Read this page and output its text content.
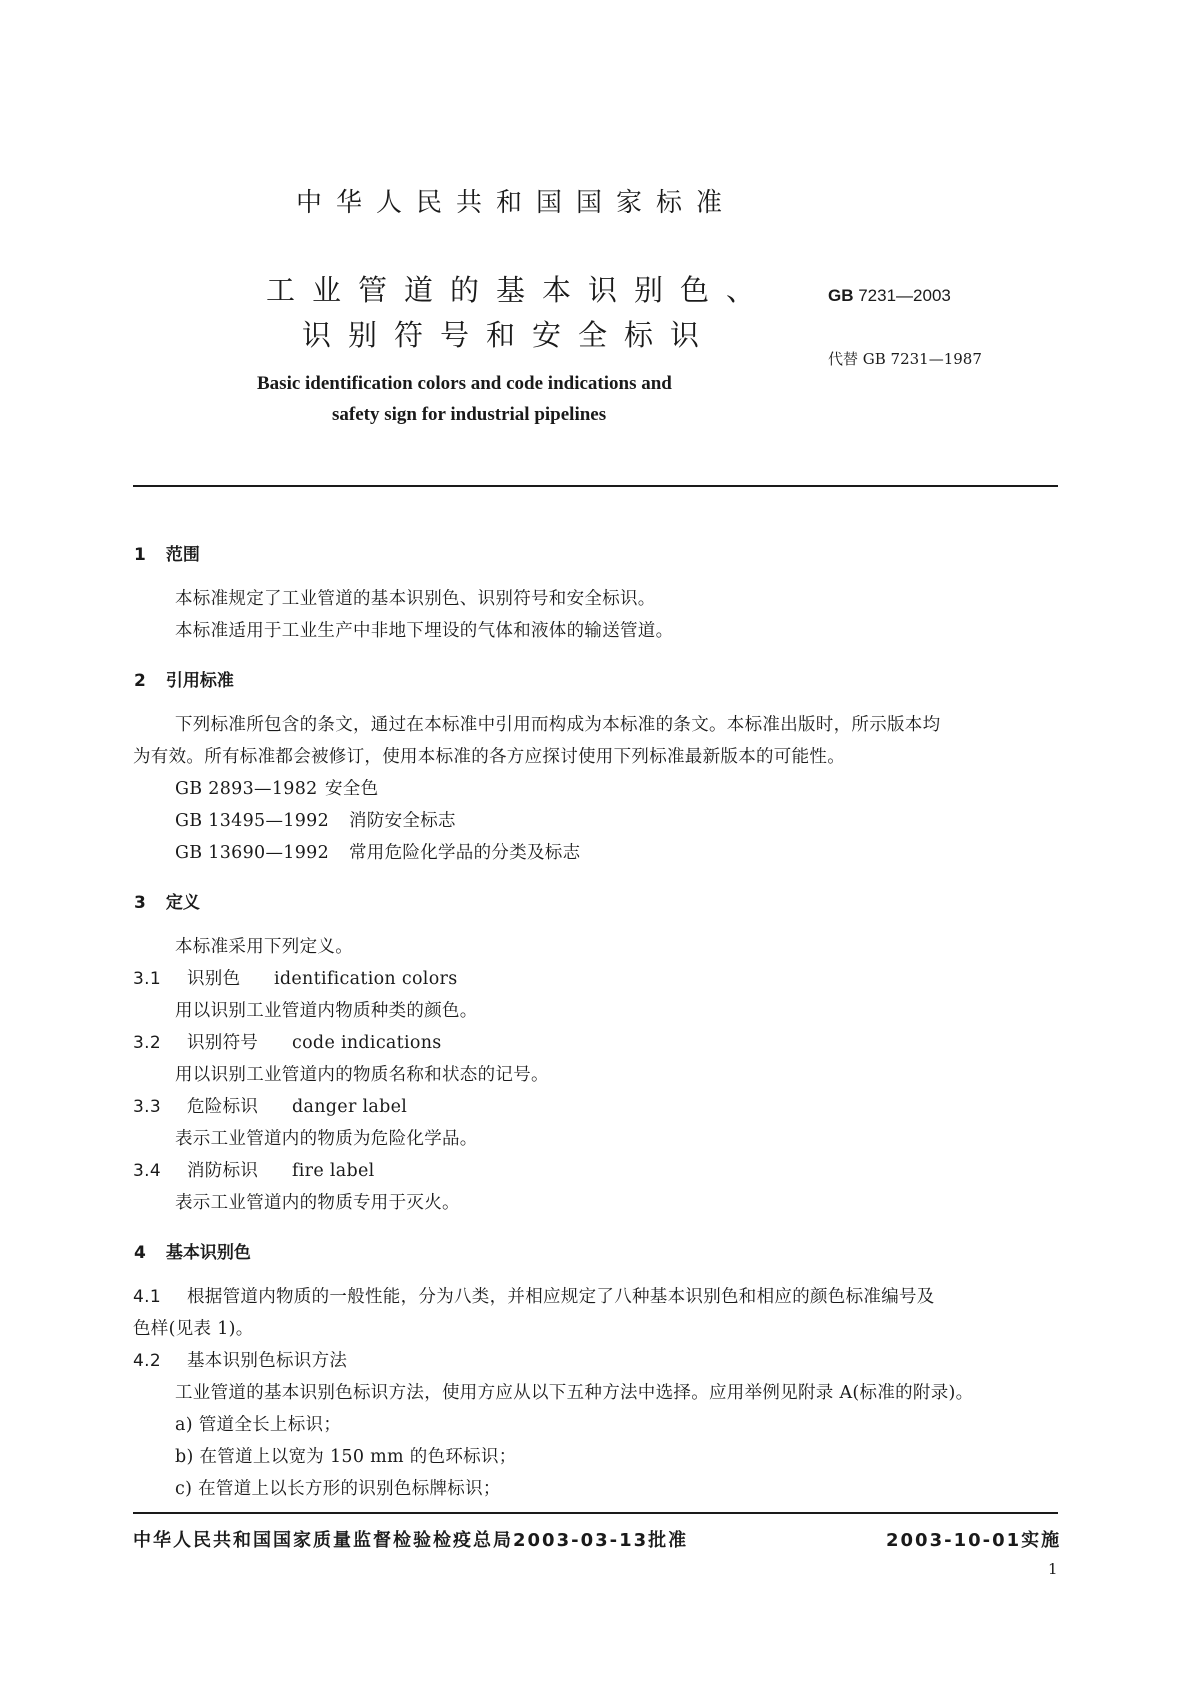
中华人民共和国国家标准
工业管道的基本识别色、
识别符号和安全标识
GB 7231—2003
代替 GB 7231—1987
Basic identification colors and code indications and
safety sign for industrial pipelines
1 范围
本标准规定了工业管道的基本识别色、识别符号和安全标识。
本标准适用于工业生产中非地下埋设的气体和液体的输送管道。
2 引用标准
下列标准所包含的条文，通过在本标准中引用而构成为本标准的条文。本标准出版时，所示版本均
为有效。所有标准都会被修订，使用本标准的各方应探讨使用下列标准最新版本的可能性。
GB 2893—1982 安全色
GB 13495—1992 消防安全标志
GB 13690—1992 常用危险化学品的分类及标志
3 定义
本标准采用下列定义。
3.1 识别色 identification colors
用以识别工业管道内物质种类的颜色。
3.2 识别符号 code indications
用以识别工业管道内的物质名称和状态的记号。
3.3 危险标识 danger label
表示工业管道内的物质为危险化学品。
3.4 消防标识 fire label
表示工业管道内的物质专用于灭火。
4 基本识别色
4.1 根据管道内物质的一般性能，分为八类，并相应规定了八种基本识别色和相应的颜色标准编号及
色样(见表 1)。
4.2 基本识别色标识方法
工业管道的基本识别色标识方法，使用方应从以下五种方法中选择。应用举例见附录 A(标准的附录)。
a) 管道全长上标识；
b) 在管道上以宽为 150 mm 的色环标识；
c) 在管道上以长方形的识别色标牌标识；
中华人民共和国国家质量监督检验检疫总局2003-03-13批准	2003-10-01实施
1
